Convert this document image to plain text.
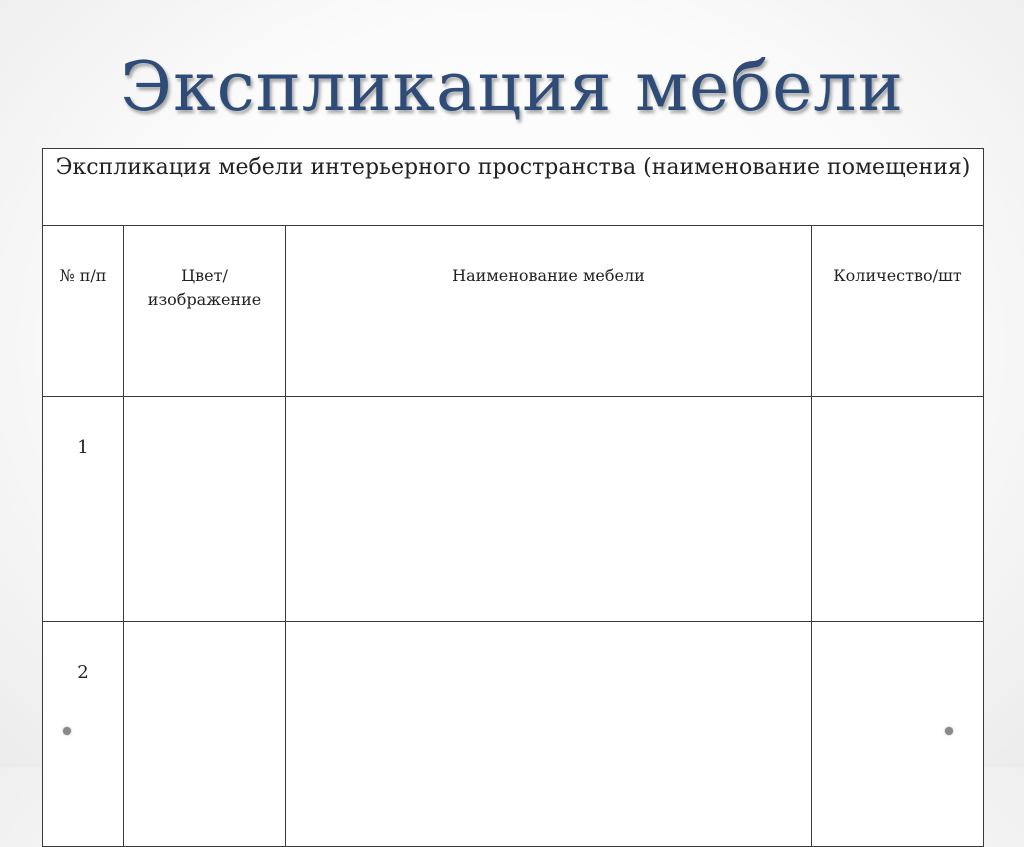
Экспликация мебели
Экспликация мебели интерьерного пространства (наименование помещения)			
№ п/п	Цвет/ изображение	Наименование мебели	Количество/шт
1			
2			
